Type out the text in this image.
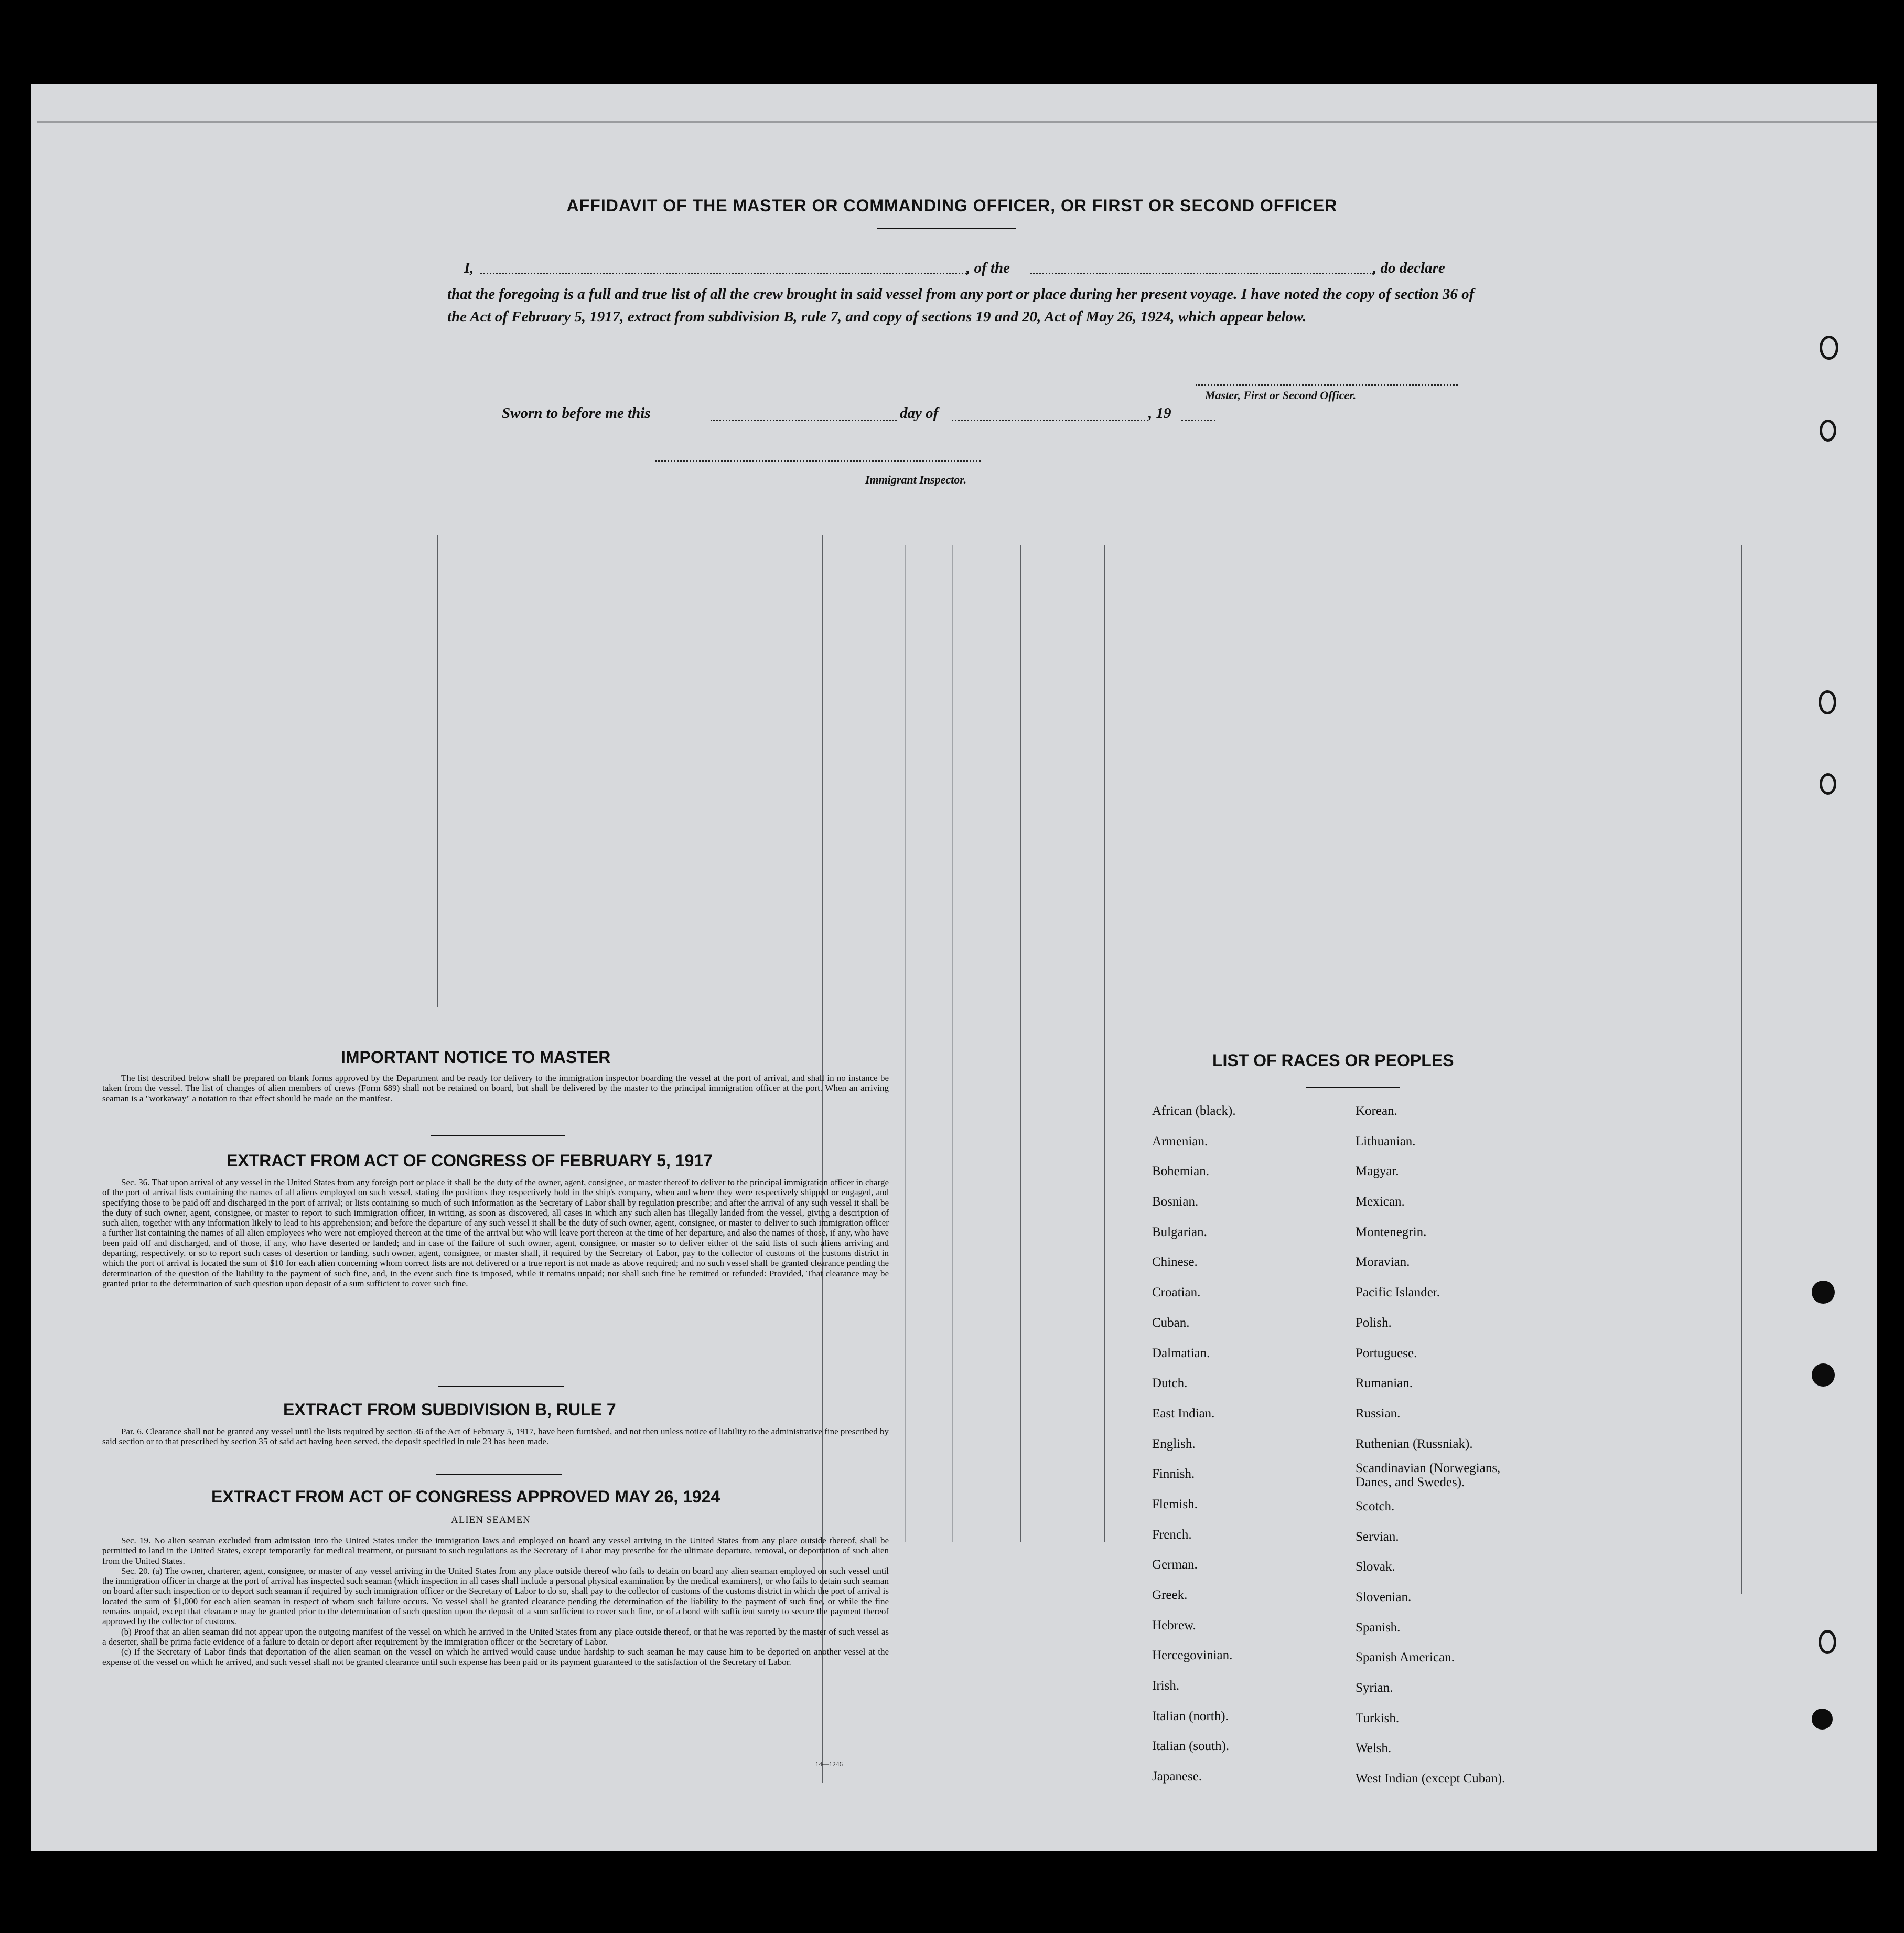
AFFIDAVIT OF THE MASTER OR COMMANDING OFFICER, OR FIRST OR SECOND OFFICER
I,	, of the	, do declare
that the foregoing is a full and true list of all the crew brought in said vessel from any port or place during her present voyage. I have noted the copy of section 36 of the Act of February 5, 1917, extract from subdivision B, rule 7, and copy of sections 19 and 20, Act of May 26, 1924, which appear below.
Master, First or Second Officer.
Sworn to before me this	day of	, 19
Immigrant Inspector.
IMPORTANT NOTICE TO MASTER

The list described below shall be prepared on blank forms approved by the Department and be ready for delivery to the immigration inspector boarding the vessel at the port of arrival, and shall in no instance be taken from the vessel. The list of changes of alien members of crews (Form 689) shall not be retained on board, but shall be delivered by the master to the principal immigration officer at the port. When an arriving seaman is a "workaway" a notation to that effect should be made on the manifest.

EXTRACT FROM ACT OF CONGRESS OF FEBRUARY 5, 1917

Sec. 36. That upon arrival of any vessel in the United States from any foreign port or place it shall be the duty of the owner, agent, consignee, or master thereof to deliver to the principal immigration officer in charge of the port of arrival lists containing the names of all aliens employed on such vessel, stating the positions they respectively hold in the ship's company, when and where they were respectively shipped or engaged, and specifying those to be paid off and discharged in the port of arrival; or lists containing so much of such information as the Secretary of Labor shall by regulation prescribe; and after the arrival of any such vessel it shall be the duty of such owner, agent, consignee, or master to report to such immigration officer, in writing, as soon as discovered, all cases in which any such alien has illegally landed from the vessel, giving a description of such alien, together with any information likely to lead to his apprehension; and before the departure of any such vessel it shall be the duty of such owner, agent, consignee, or master to deliver to such immigration officer a further list containing the names of all alien employees who were not employed thereon at the time of the arrival but who will leave port thereon at the time of her departure, and also the names of those, if any, who have been paid off and discharged, and of those, if any, who have deserted or landed; and in case of the failure of such owner, agent, consignee, or master so to deliver either of the said lists of such aliens arriving and departing, respectively, or so to report such cases of desertion or landing, such owner, agent, consignee, or master shall, if required by the Secretary of Labor, pay to the collector of customs of the customs district in which the port of arrival is located the sum of $10 for each alien concerning whom correct lists are not delivered or a true report is not made as above required; and no such vessel shall be granted clearance pending the determination of the question of the liability to the payment of such fine, and, in the event such fine is imposed, while it remains unpaid; nor shall such fine be remitted or refunded: Provided, That clearance may be granted prior to the determination of such question upon deposit of a sum sufficient to cover such fine.

EXTRACT FROM SUBDIVISION B, RULE 7

Par. 6. Clearance shall not be granted any vessel until the lists required by section 36 of the Act of February 5, 1917, have been furnished, and not then unless notice of liability to the administrative fine prescribed by said section or to that prescribed by section 35 of said act having been served, the deposit specified in rule 23 has been made.

EXTRACT FROM ACT OF CONGRESS APPROVED MAY 26, 1924
ALIEN SEAMEN

Sec. 19. No alien seaman excluded from admission into the United States under the immigration laws and employed on board any vessel arriving in the United States from any place outside thereof, shall be permitted to land in the United States, except temporarily for medical treatment, or pursuant to such regulations as the Secretary of Labor may prescribe for the ultimate departure, removal, or deportation of such alien from the United States.

Sec. 20. (a) The owner, charterer, agent, consignee, or master of any vessel arriving in the United States from any place outside thereof who fails to detain on board any alien seaman employed on such vessel until the immigration officer in charge at the port of arrival has inspected such seaman (which inspection in all cases shall include a personal physical examination by the medical examiners), or who fails to detain such seaman on board after such inspection or to deport such seaman if required by such immigration officer or the Secretary of Labor to do so, shall pay to the collector of customs of the customs district in which the port of arrival is located the sum of $1,000 for each alien seaman in respect of whom such failure occurs. No vessel shall be granted clearance pending the determination of the liability to the payment of such fine, or while the fine remains unpaid, except that clearance may be granted prior to the determination of such question upon the deposit of a sum sufficient to cover such fine, or of a bond with sufficient surety to secure the payment thereof approved by the collector of customs.

(b) Proof that an alien seaman did not appear upon the outgoing manifest of the vessel on which he arrived in the United States from any place outside thereof, or that he was reported by the master of such vessel as a deserter, shall be prima facie evidence of a failure to detain or deport after requirement by the immigration officer or the Secretary of Labor.

(c) If the Secretary of Labor finds that deportation of the alien seaman on the vessel on which he arrived would cause undue hardship to such seaman he may cause him to be deported on another vessel at the expense of the vessel on which he arrived, and such vessel shall not be granted clearance until such expense has been paid or its payment guaranteed to the satisfaction of the Secretary of Labor.

14—1246
LIST OF RACES OR PEOPLES
African (black).
Armenian.
Bohemian.
Bosnian.
Bulgarian.
Chinese.
Croatian.
Cuban.
Dalmatian.
Dutch.
East Indian.
English.
Finnish.
Flemish.
French.
German.
Greek.
Hebrew.
Hercegovinian.
Irish.
Italian (north).
Italian (south).
Japanese.
Korean.
Lithuanian.
Magyar.
Mexican.
Montenegrin.
Moravian.
Pacific Islander.
Polish.
Portuguese.
Rumanian.
Russian.
Ruthenian (Russniak).
Scandinavian (Norwegians, Danes, and Swedes).
Scotch.
Servian.
Slovak.
Slovenian.
Spanish.
Spanish American.
Syrian.
Turkish.
Welsh.
West Indian (except Cuban).
